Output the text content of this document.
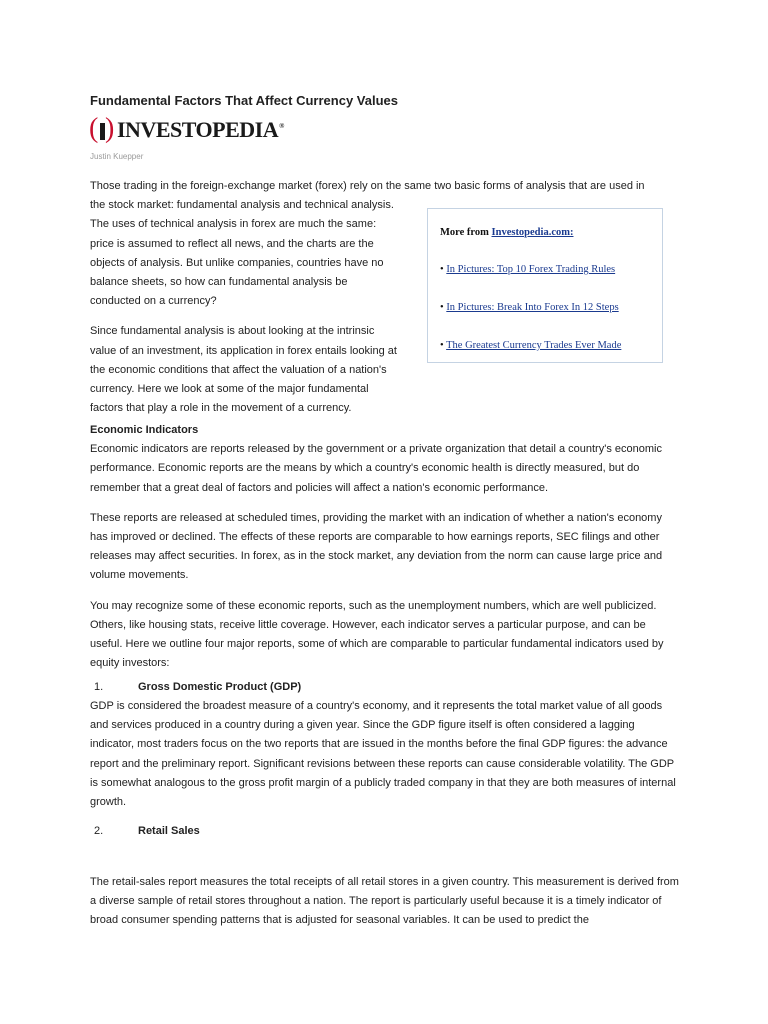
Fundamental Factors That Affect Currency Values
( ) INVESTOPEDIA®
Justin Kuepper

Those trading in the foreign-exchange market (forex) rely on the same two basic forms of analysis that are used in

the stock market: fundamental analysis and technical analysis. The uses of technical analysis in forex are much the same: price is assumed to reflect all news, and the charts are the objects of analysis. But unlike companies, countries have no balance sheets, so how can fundamental analysis be conducted on a currency?

Since fundamental analysis is about looking at the intrinsic value of an investment, its application in forex entails looking at the economic conditions that affect the valuation of a nation's currency. Here we look at some of the major fundamental factors that play a role in the movement of a currency.

Economic Indicators

Economic indicators are reports released by the government or a private organization that detail a country's economic performance. Economic reports are the means by which a country's economic health is directly measured, but do remember that a great deal of factors and policies will affect a nation's economic performance.

These reports are released at scheduled times, providing the market with an indication of whether a nation's economy has improved or declined. The effects of these reports are comparable to how earnings reports, SEC filings and other releases may affect securities. In forex, as in the stock market, any deviation from the norm can cause large price and volume movements.

You may recognize some of these economic reports, such as the unemployment numbers, which are well publicized. Others, like housing stats, receive little coverage. However, each indicator serves a particular purpose, and can be useful. Here we outline four major reports, some of which are comparable to particular fundamental indicators used by equity investors:

1.	Gross Domestic Product (GDP)

GDP is considered the broadest measure of a country's economy, and it represents the total market value of all goods and services produced in a country during a given year. Since the GDP figure itself is often considered a lagging indicator, most traders focus on the two reports that are issued in the months before the final GDP figures: the advance report and the preliminary report. Significant revisions between these reports can cause considerable volatility. The GDP is somewhat analogous to the gross profit margin of a publicly traded company in that they are both measures of internal growth.

2.	Retail Sales

The retail-sales report measures the total receipts of all retail stores in a given country. This measurement is derived from a diverse sample of retail stores throughout a nation. The report is particularly useful because it is a timely indicator of broad consumer spending patterns that is adjusted for seasonal variables. It can be used to predict the

More from Investopedia.com:
• In Pictures: Top 10 Forex Trading Rules
• In Pictures: Break Into Forex In 12 Steps
• The Greatest Currency Trades Ever Made
